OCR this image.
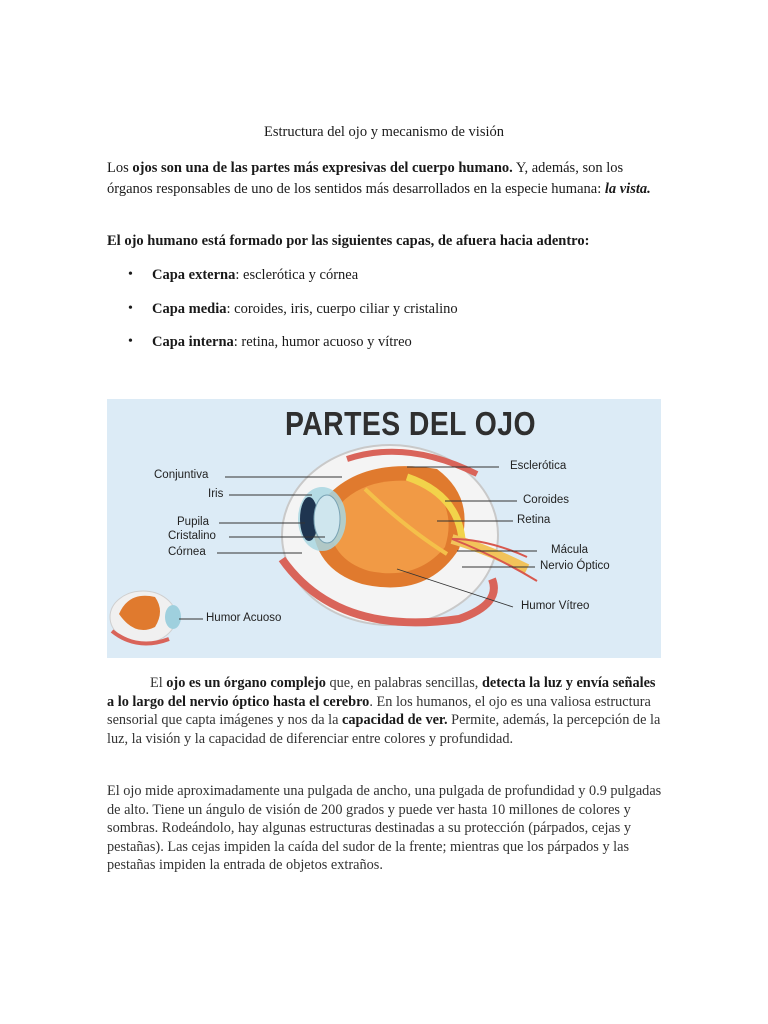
Estructura del ojo y mecanismo de visión
Los ojos son una de las partes más expresivas del cuerpo humano. Y, además, son los órganos responsables de uno de los sentidos más desarrollados en la especie humana: la vista.
El ojo humano está formado por las siguientes capas, de afuera hacia adentro:
• Capa externa: esclerótica y córnea
• Capa media: coroides, iris, cuerpo ciliar y cristalino
• Capa interna: retina, humor acuoso y vítreo
PARTES DEL OJO
Conjuntiva
Iris
Pupila
Cristalino
Córnea
Humor Acuoso
Esclerótica
Coroides
Retina
Mácula
Nervio Óptico
Humor Vítreo
El ojo es un órgano complejo que, en palabras sencillas, detecta la luz y envía señales a lo largo del nervio óptico hasta el cerebro. En los humanos, el ojo es una valiosa estructura sensorial que capta imágenes y nos da la capacidad de ver. Permite, además, la percepción de la luz, la visión y la capacidad de diferenciar entre colores y profundidad.
El ojo mide aproximadamente una pulgada de ancho, una pulgada de profundidad y 0.9 pulgadas de alto. Tiene un ángulo de visión de 200 grados y puede ver hasta 10 millones de colores y sombras. Rodeándolo, hay algunas estructuras destinadas a su protección (párpados, cejas y pestañas). Las cejas impiden la caída del sudor de la frente; mientras que los párpados y las pestañas impiden la entrada de objetos extraños.
